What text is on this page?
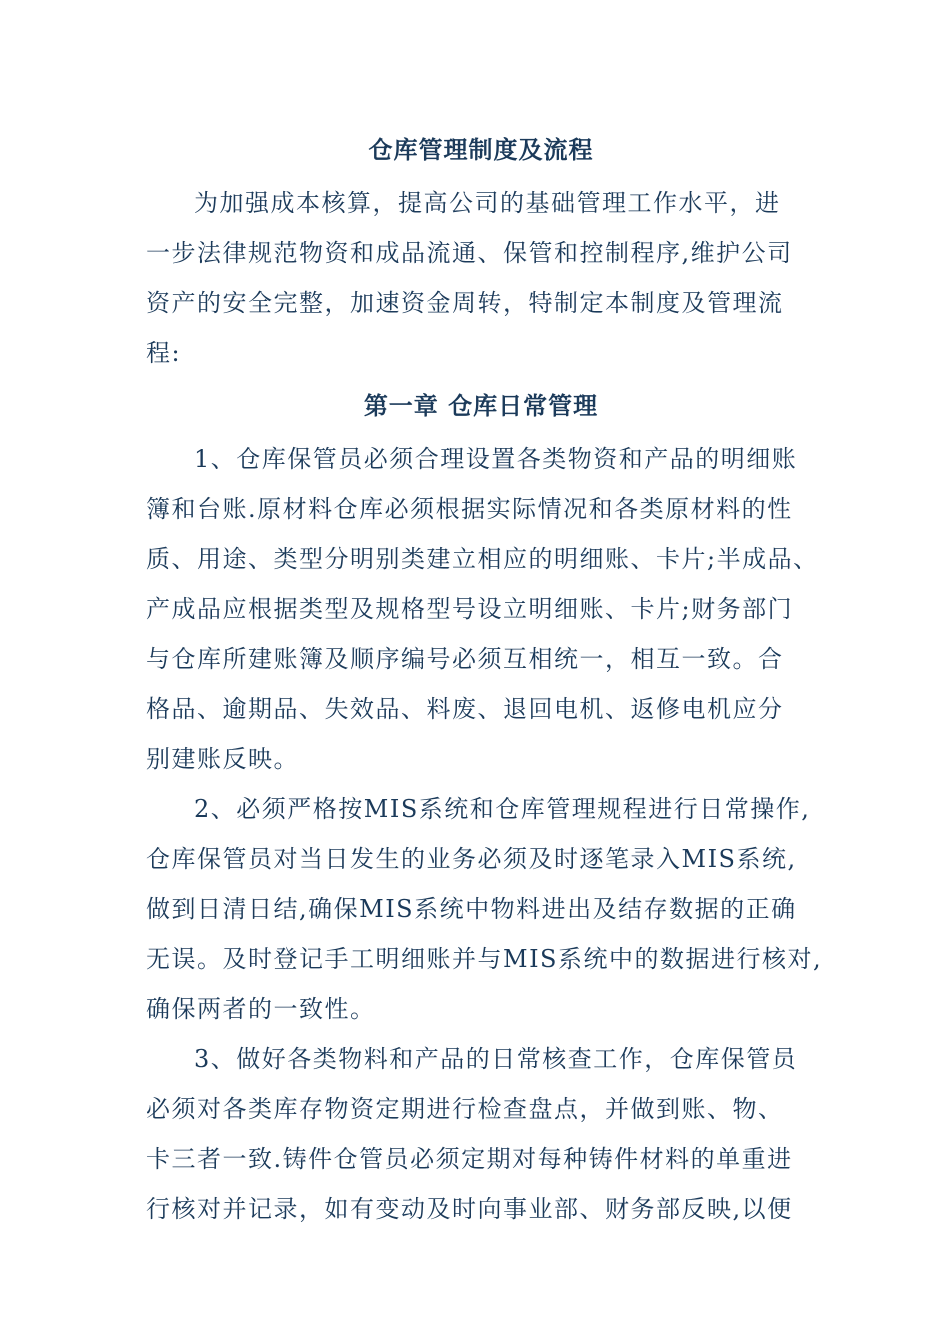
仓库管理制度及流程
为加强成本核算，提高公司的基础管理工作水平，进
一步法律规范物资和成品流通、保管和控制程序,维护公司
资产的安全完整，加速资金周转，特制定本制度及管理流
程:
第一章 仓库日常管理
1、仓库保管员必须合理设置各类物资和产品的明细账
簿和台账.原材料仓库必须根据实际情况和各类原材料的性
质、用途、类型分明别类建立相应的明细账、卡片;半成品、
产成品应根据类型及规格型号设立明细账、卡片;财务部门
与仓库所建账簿及顺序编号必须互相统一，相互一致。合
格品、逾期品、失效品、料废、退回电机、返修电机应分
别建账反映。
2、必须严格按MIS系统和仓库管理规程进行日常操作,
仓库保管员对当日发生的业务必须及时逐笔录入MIS系统,
做到日清日结,确保MIS系统中物料进出及结存数据的正确
无误。及时登记手工明细账并与MIS系统中的数据进行核对,
确保两者的一致性。
3、做好各类物料和产品的日常核查工作，仓库保管员
必须对各类库存物资定期进行检查盘点，并做到账、物、
卡三者一致.铸件仓管员必须定期对每种铸件材料的单重进
行核对并记录，如有变动及时向事业部、财务部反映,以便
